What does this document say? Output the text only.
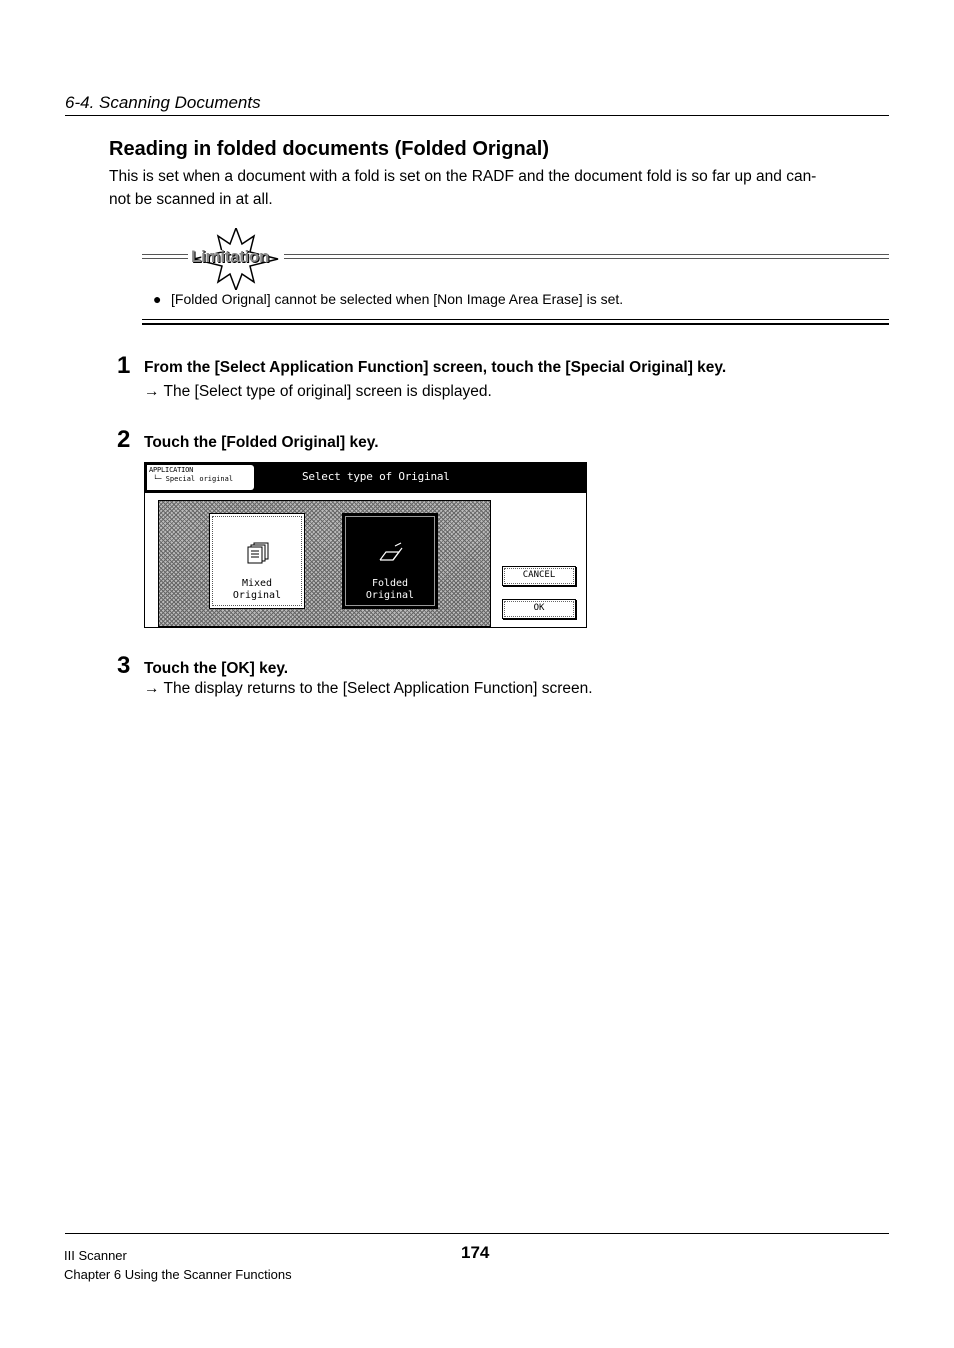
6-4. Scanning Documents
Reading in folded documents (Folded Orignal)
This is set when a document with a fold is set on the RADF and the document fold is so far up and can-
not be scanned in at all.
Limitation
● [Folded Orignal] cannot be selected when [Non Image Area Erase] is set.
1 From the [Select Application Function] screen, touch the [Special Original] key.
→ The [Select type of original] screen is displayed.
2 Touch the [Folded Original] key.
APPLICATION
└─ Special original	Select type of Original
Mixed
Original
Folded
Original
CANCEL
OK
3 Touch the [OK] key.
→ The display returns to the [Select Application Function] screen.
III Scanner
Chapter 6 Using the Scanner Functions
174
